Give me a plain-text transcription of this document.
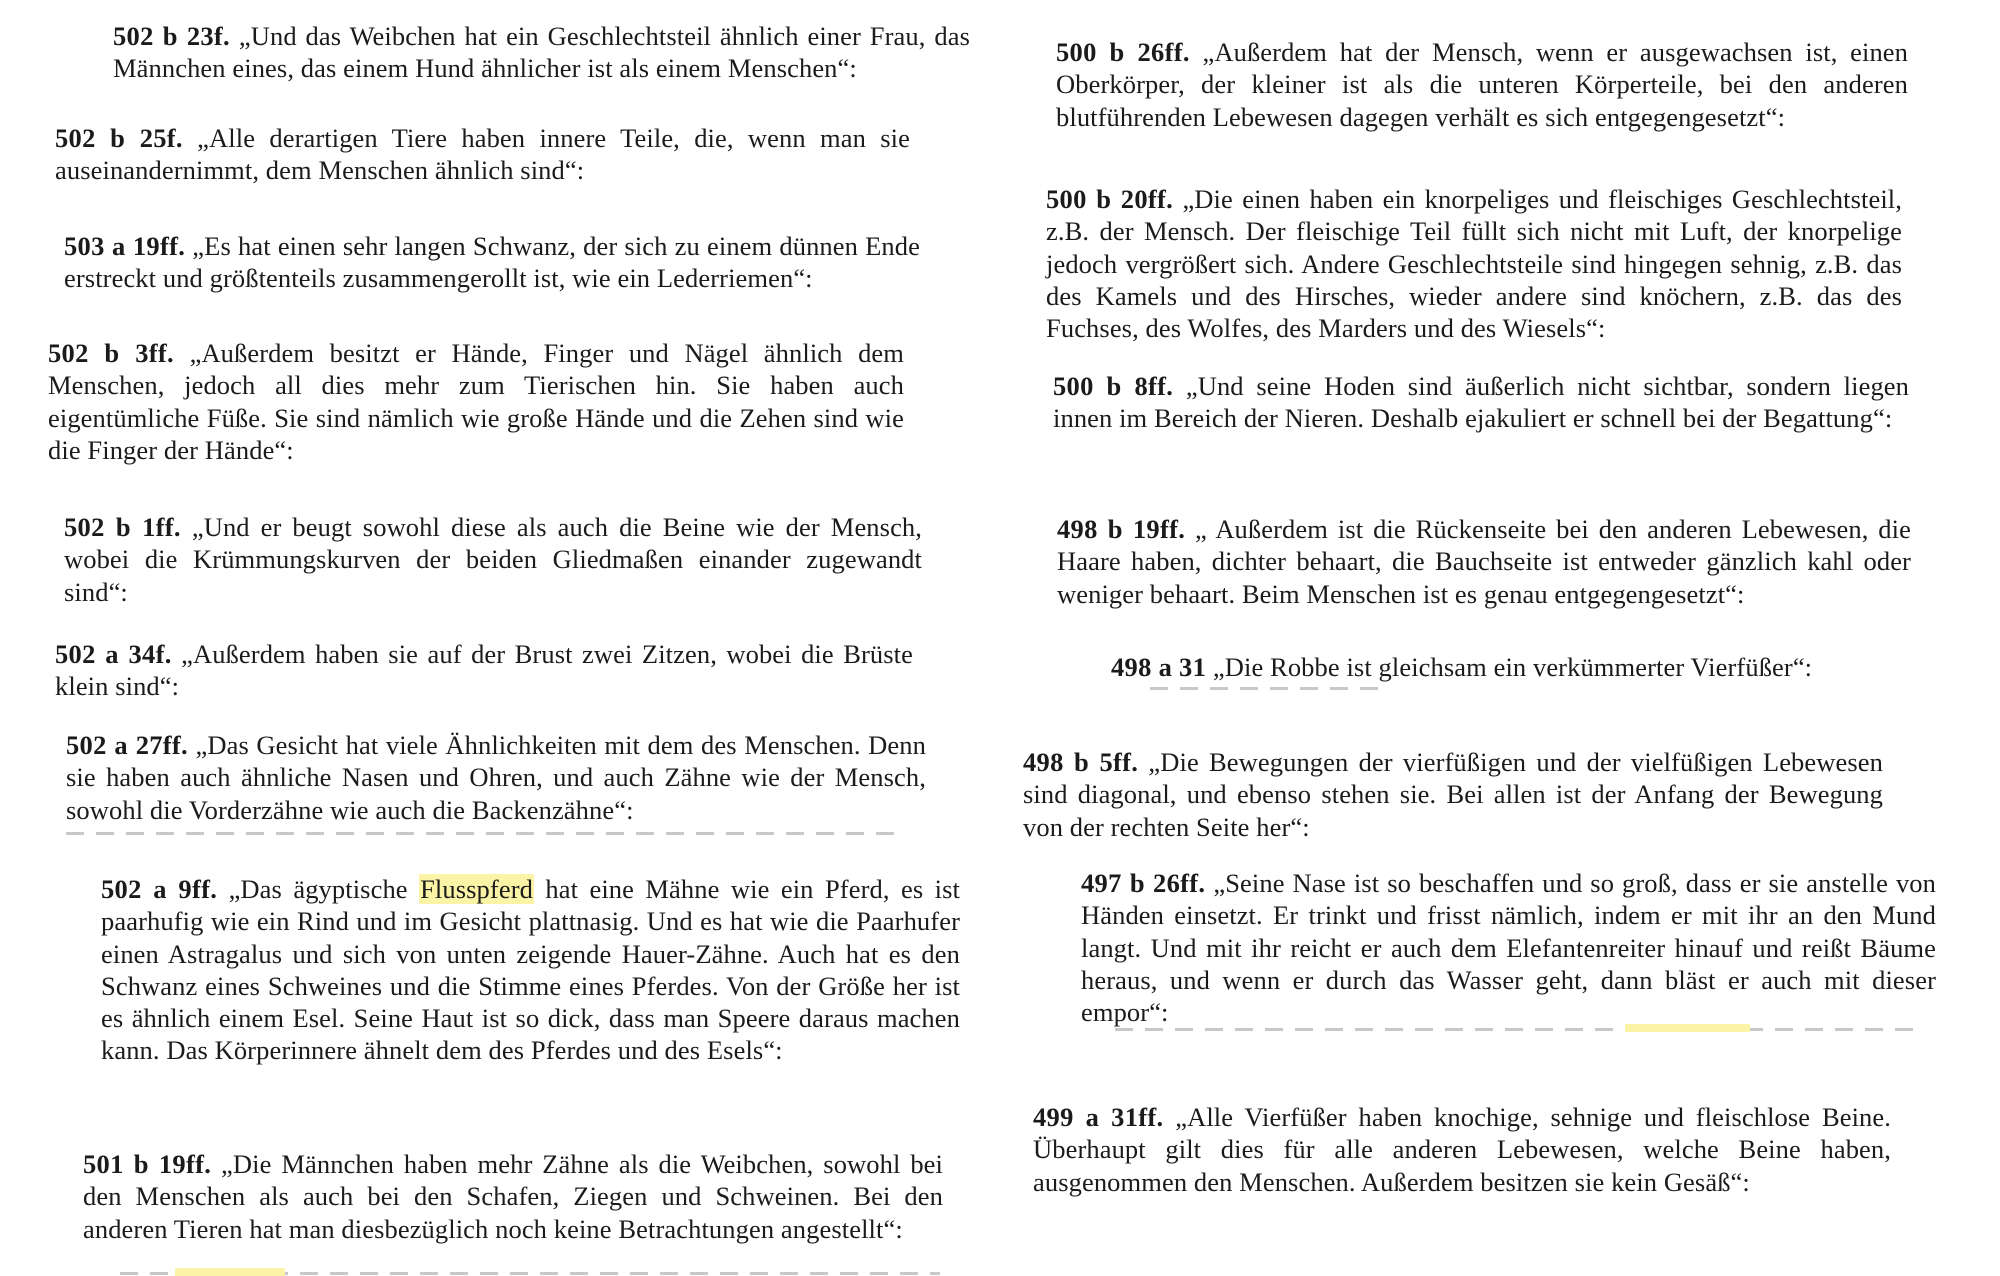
502 b 23f. „Und das Weibchen hat ein Geschlechtsteil ähnlich einer Frau, das Männchen eines, das einem Hund ähnlicher ist als einem Menschen“:

502 b 25f. „Alle derartigen Tiere haben innere Teile, die, wenn man sie auseinandernimmt, dem Menschen ähnlich sind“:

503 a 19ff. „Es hat einen sehr langen Schwanz, der sich zu einem dünnen Ende erstreckt und größtenteils zusammengerollt ist, wie ein Lederriemen“:

502 b 3ff. „Außerdem besitzt er Hände, Finger und Nägel ähnlich dem Menschen, jedoch all dies mehr zum Tierischen hin. Sie haben auch eigentümliche Füße. Sie sind nämlich wie große Hände und die Zehen sind wie die Finger der Hände“:

502 b 1ff. „Und er beugt sowohl diese als auch die Beine wie der Mensch, wobei die Krümmungskurven der beiden Gliedmaßen einander zugewandt sind“:

502 a 34f. „Außerdem haben sie auf der Brust zwei Zitzen, wobei die Brüste klein sind“:

502 a 27ff. „Das Gesicht hat viele Ähnlichkeiten mit dem des Menschen. Denn sie haben auch ähnliche Nasen und Ohren, und auch Zähne wie der Mensch, sowohl die Vorderzähne wie auch die Backenzähne“:

502 a 9ff. „Das ägyptische Flusspferd hat eine Mähne wie ein Pferd, es ist paarhufig wie ein Rind und im Gesicht plattnasig. Und es hat wie die Paarhufer einen Astragalus und sich von unten zeigende Hauer-Zähne. Auch hat es den Schwanz eines Schweines und die Stimme eines Pferdes. Von der Größe her ist es ähnlich einem Esel. Seine Haut ist so dick, dass man Speere daraus machen kann. Das Körperinnere ähnelt dem des Pferdes und des Esels“:

501 b 19ff. „Die Männchen haben mehr Zähne als die Weibchen, sowohl bei den Menschen als auch bei den Schafen, Ziegen und Schweinen. Bei den anderen Tieren hat man diesbezüglich noch keine Betrachtungen angestellt“:

500 b 26ff. „Außerdem hat der Mensch, wenn er ausgewachsen ist, einen Oberkörper, der kleiner ist als die unteren Körperteile, bei den anderen blutführenden Lebewesen dagegen verhält es sich entgegengesetzt“:

500 b 20ff. „Die einen haben ein knorpeliges und fleischiges Geschlechtsteil, z.B. der Mensch. Der fleischige Teil füllt sich nicht mit Luft, der knorpelige jedoch vergrößert sich. Andere Geschlechtsteile sind hingegen sehnig, z.B. das des Kamels und des Hirsches, wieder andere sind knöchern, z.B. das des Fuchses, des Wolfes, des Marders und des Wiesels“:

500 b 8ff. „Und seine Hoden sind äußerlich nicht sichtbar, sondern liegen innen im Bereich der Nieren. Deshalb ejakuliert er schnell bei der Begattung“:

498 b 19ff. „ Außerdem ist die Rückenseite bei den anderen Lebewesen, die Haare haben, dichter behaart, die Bauchseite ist entweder gänzlich kahl oder weniger behaart. Beim Menschen ist es genau entgegengesetzt“:

498 a 31 „Die Robbe ist gleichsam ein verkümmerter Vierfüßer“:

498 b 5ff. „Die Bewegungen der vierfüßigen und der vielfüßigen Lebewesen sind diagonal, und ebenso stehen sie. Bei allen ist der Anfang der Bewegung von der rechten Seite her“:

497 b 26ff. „Seine Nase ist so beschaffen und so groß, dass er sie anstelle von Händen einsetzt. Er trinkt und frisst nämlich, indem er mit ihr an den Mund langt. Und mit ihr reicht er auch dem Elefantenreiter hinauf und reißt Bäume heraus, und wenn er durch das Wasser geht, dann bläst er auch mit dieser empor“:

499 a 31ff. „Alle Vierfüßer haben knochige, sehnige und fleischlose Beine. Überhaupt gilt dies für alle anderen Lebewesen, welche Beine haben, ausgenommen den Menschen. Außerdem besitzen sie kein Gesäß“:
